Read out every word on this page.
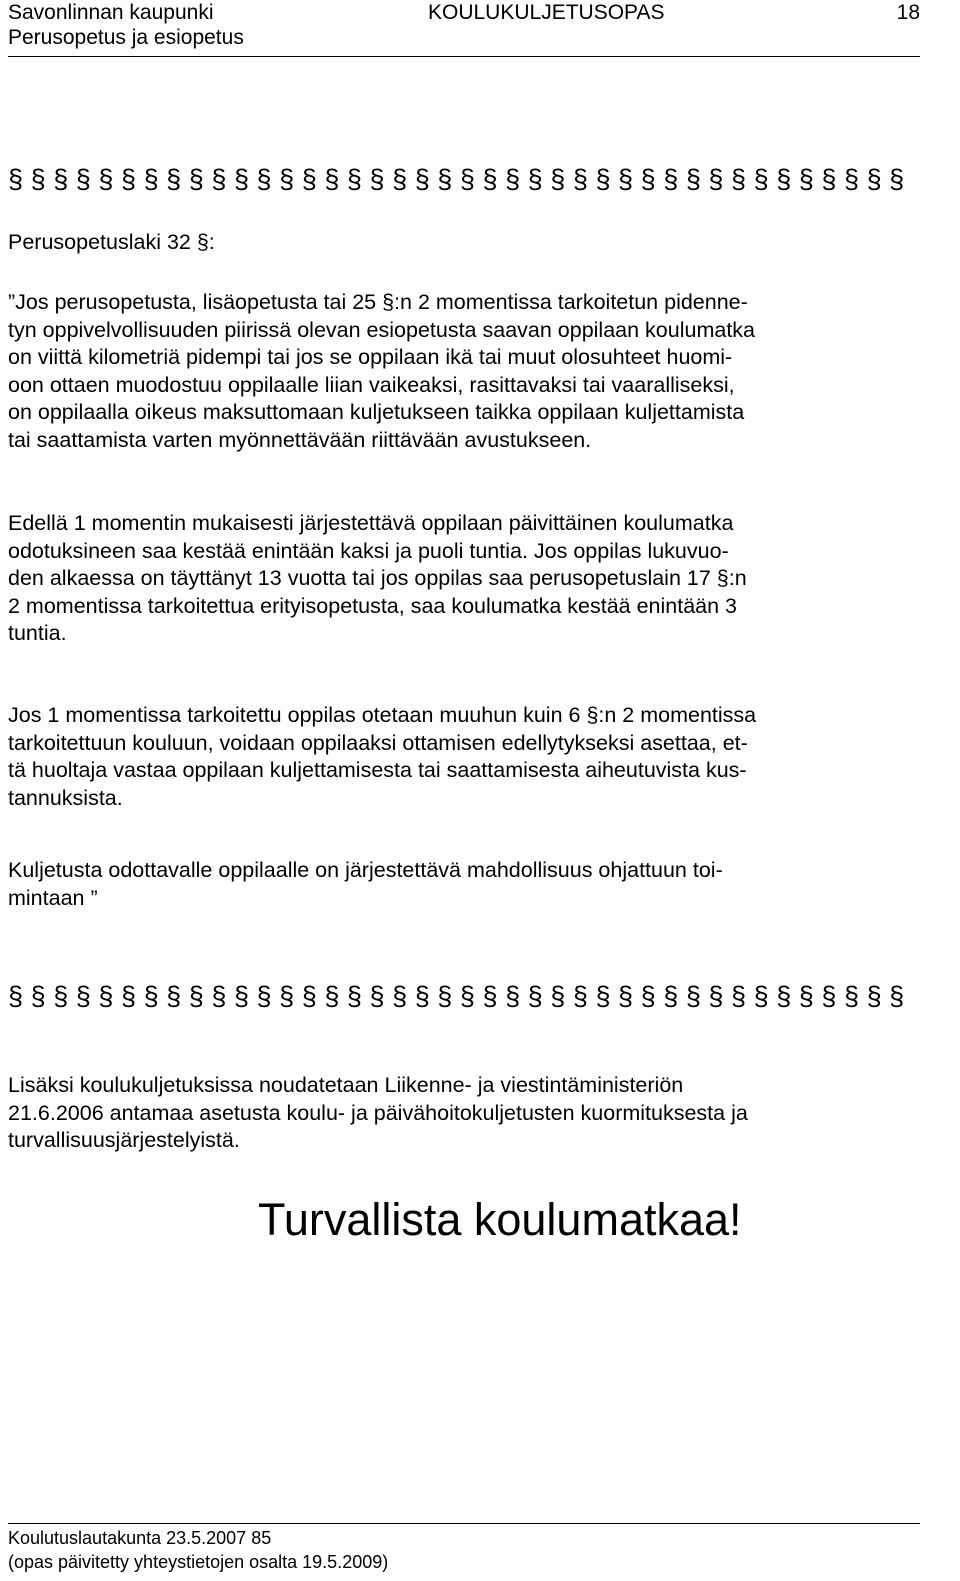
Savonlinnan kaupunki
Perusopetus ja esiopetus
KOULUKULJETUSOPAS	18
§ § § § § § § § § § § § § § § § § § § § § § § § § § § § § § § § § § § § § § § §
Perusopetuslaki 32 §:
”Jos perusopetusta, lisäopetusta tai 25 §:n 2 momentissa tarkoitetun pidenne-
tyn oppivelvollisuuden piirissä olevan esiopetusta saavan oppilaan koulumatka
on viittä kilometriä pidempi tai jos se oppilaan ikä tai muut olosuhteet huomi-
oon ottaen muodostuu oppilaalle liian vaikeaksi, rasittavaksi tai vaaralliseksi,
on oppilaalla oikeus maksuttomaan kuljetukseen taikka oppilaan kuljettamista
tai saattamista varten myönnettävään riittävään avustukseen.
Edellä 1 momentin mukaisesti järjestettävä oppilaan päivittäinen koulumatka
odotuksineen saa kestää enintään kaksi ja puoli tuntia. Jos oppilas lukuvuo-
den alkaessa on täyttänyt 13 vuotta tai jos oppilas saa perusopetuslain 17 §:n
2 momentissa tarkoitettua erityisopetusta, saa koulumatka kestää enintään 3
tuntia.
Jos 1 momentissa tarkoitettu oppilas otetaan muuhun kuin 6 §:n 2 momentissa
tarkoitettuun kouluun, voidaan oppilaaksi ottamisen edellytykseksi asettaa, et-
tä huoltaja vastaa oppilaan kuljettamisesta tai saattamisesta aiheutuvista kus-
tannuksista.
Kuljetusta odottavalle oppilaalle on järjestettävä mahdollisuus ohjattuun toi-
mintaan ”
§ § § § § § § § § § § § § § § § § § § § § § § § § § § § § § § § § § § § § § § §
Lisäksi koulukuljetuksissa noudatetaan Liikenne- ja viestintäministeriön
21.6.2006 antamaa asetusta koulu- ja päivähoitokuljetusten kuormituksesta ja
turvallisuusjärjestelyistä.
Turvallista koulumatkaa!
Koulutuslautakunta 23.5.2007 85
(opas päivitetty yhteystietojen osalta 19.5.2009)
